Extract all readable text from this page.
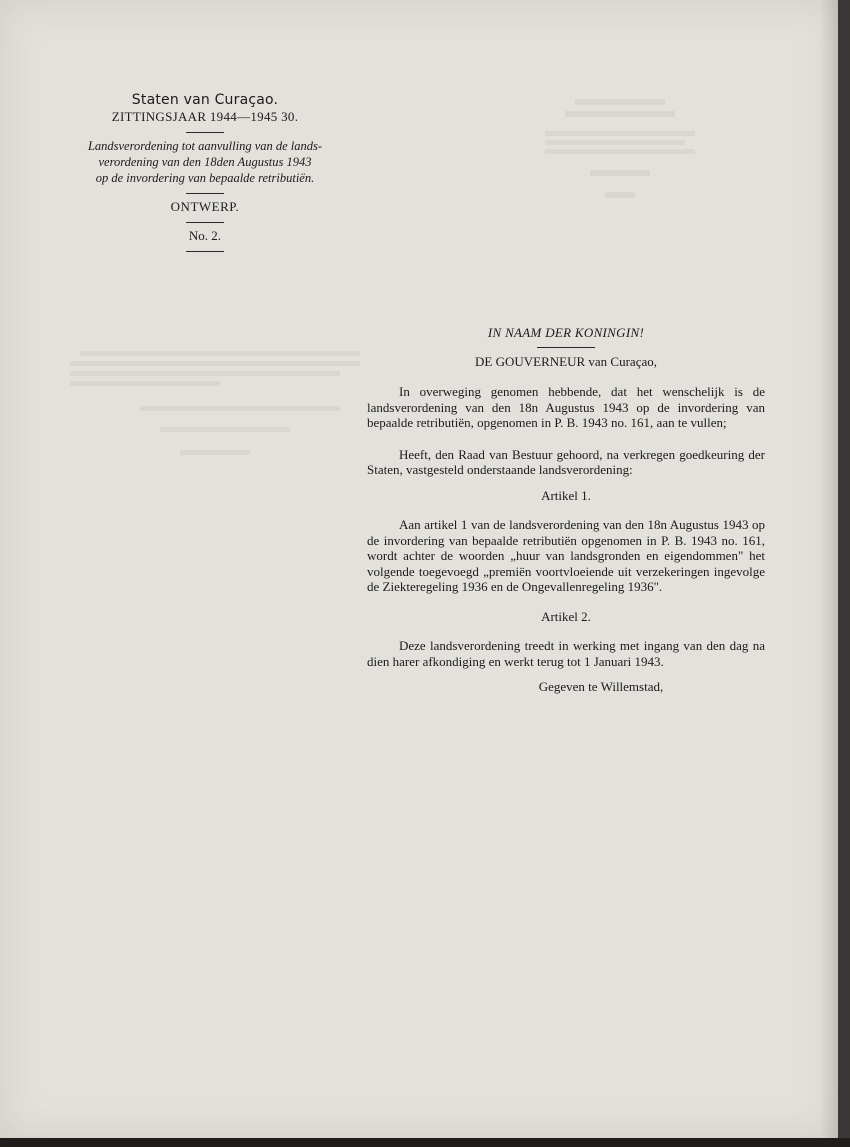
Staten van Curaçao.

ZITTINGSJAAR 1944—1945 30.

Landsverordening tot aanvulling van de lands-

verordening van den 18den Augustus 1943

op de invordering van bepaalde retributiën.

ONTWERP.

No. 2.

IN NAAM DER KONINGIN!
DE GOUVERNEUR van Curaçao,

In overweging genomen hebbende, dat het wenschelijk is de landsverordening van den 18n Augustus 1943 op de invordering van bepaalde retributiën, opgenomen in P. B. 1943 no. 161, aan te vullen;

Heeft, den Raad van Bestuur gehoord, na verkregen goedkeuring der Staten, vastgesteld onderstaande landsverordening:

Artikel 1.

Aan artikel 1 van de landsverordening van den 18n Augustus 1943 op de invordering van bepaalde retributiën opgenomen in P. B. 1943 no. 161, wordt achter de woorden „huur van landsgronden en eigendommen" het volgende toegevoegd „premiën voortvloeiende uit verzekeringen ingevolge de Ziekteregeling 1936 en de Ongevallenregeling 1936".

Artikel 2.

Deze landsverordening treedt in werking met ingang van den dag na dien harer afkondiging en werkt terug tot 1 Januari 1943.

Gegeven te Willemstad,
